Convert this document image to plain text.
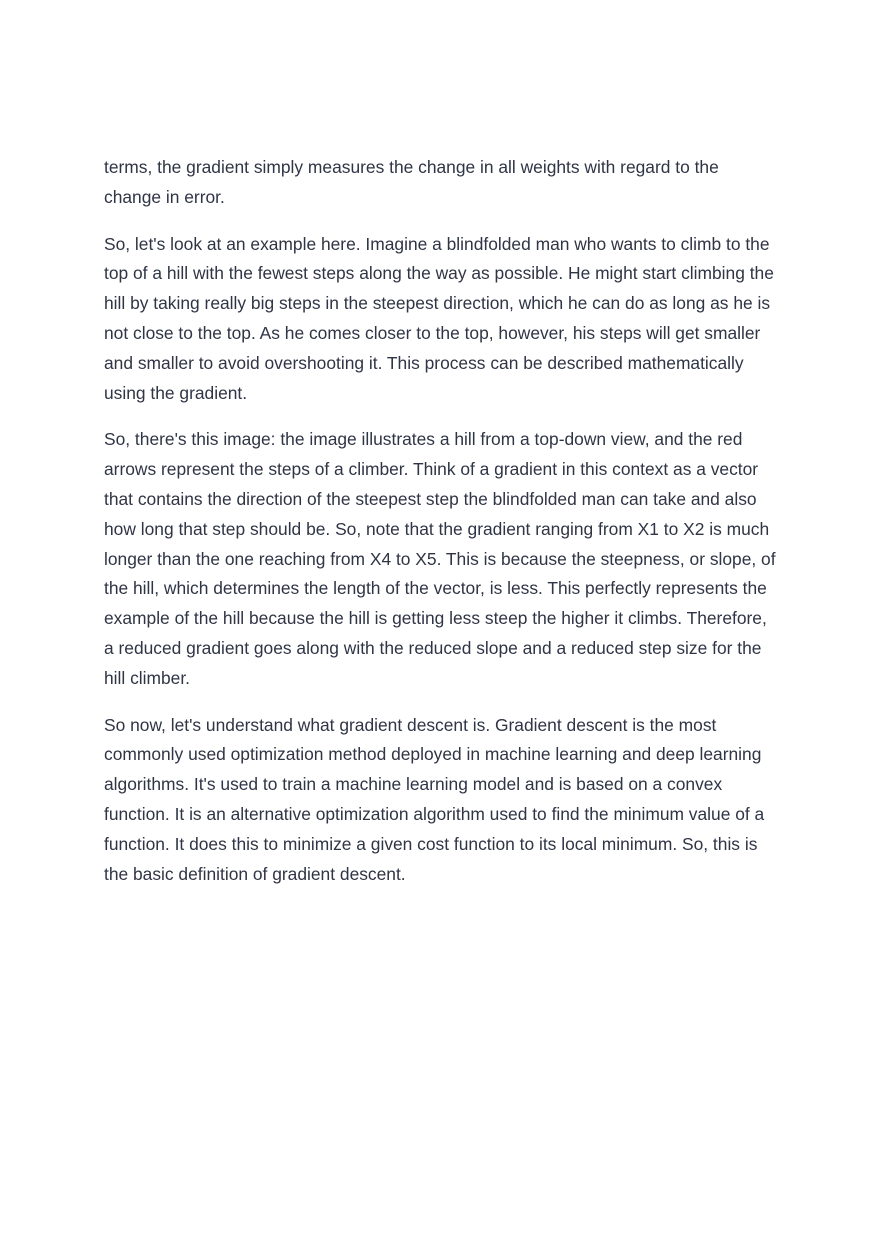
terms, the gradient simply measures the change in all weights with regard to the change in error.

So, let's look at an example here. Imagine a blindfolded man who wants to climb to the top of a hill with the fewest steps along the way as possible. He might start climbing the hill by taking really big steps in the steepest direction, which he can do as long as he is not close to the top. As he comes closer to the top, however, his steps will get smaller and smaller to avoid overshooting it. This process can be described mathematically using the gradient.

So, there's this image: the image illustrates a hill from a top-down view, and the red arrows represent the steps of a climber. Think of a gradient in this context as a vector that contains the direction of the steepest step the blindfolded man can take and also how long that step should be. So, note that the gradient ranging from X1 to X2 is much longer than the one reaching from X4 to X5. This is because the steepness, or slope, of the hill, which determines the length of the vector, is less. This perfectly represents the example of the hill because the hill is getting less steep the higher it climbs. Therefore, a reduced gradient goes along with the reduced slope and a reduced step size for the hill climber.

So now, let's understand what gradient descent is. Gradient descent is the most commonly used optimization method deployed in machine learning and deep learning algorithms. It's used to train a machine learning model and is based on a convex function. It is an alternative optimization algorithm used to find the minimum value of a function. It does this to minimize a given cost function to its local minimum. So, this is the basic definition of gradient descent.
